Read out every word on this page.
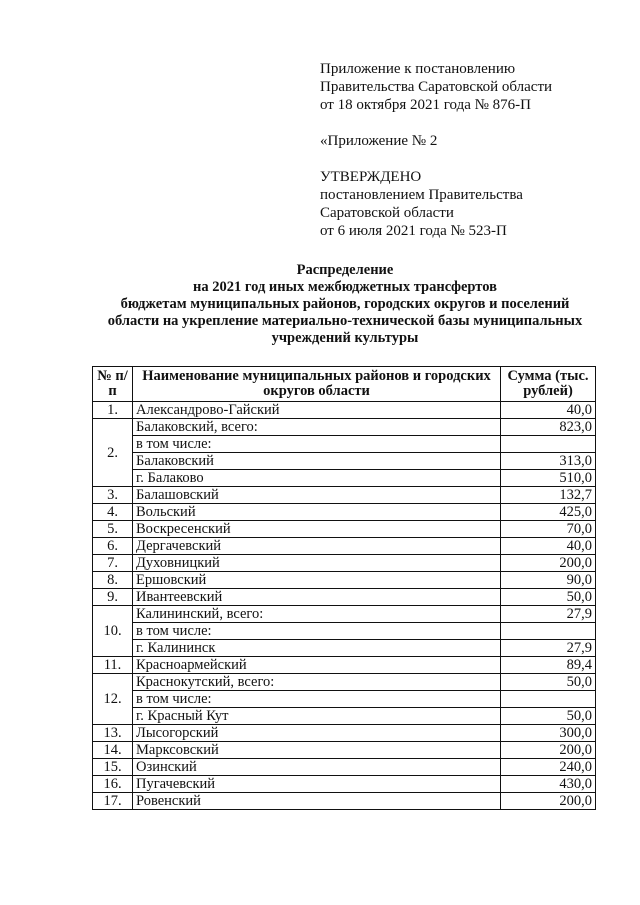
Приложение к постановлению
Правительства Саратовской области
от 18 октября 2021 года № 876-П
«Приложение № 2
УТВЕРЖДЕНО
постановлением Правительства
Саратовской области
от 6 июля 2021 года № 523-П
Распределение
на 2021 год иных межбюджетных трансфертов
бюджетам муниципальных районов, городских округов и поселений
области на укрепление материально-технической базы муниципальных
учреждений культуры
№ п/п	Наименование муниципальных районов и городских округов области	Сумма (тыс. рублей)
1.	Александрово-Гайский	40,0
2.	Балаковский, всего:	823,0
	в том числе:	
	Балаковский	313,0
	г. Балаково	510,0
3.	Балашовский	132,7
4.	Вольский	425,0
5.	Воскресенский	70,0
6.	Дергачевский	40,0
7.	Духовницкий	200,0
8.	Ершовский	90,0
9.	Ивантеевский	50,0
10.	Калининский, всего:	27,9
	в том числе:	
	г. Калининск	27,9
11.	Красноармейский	89,4
12.	Краснокутский, всего:	50,0
	в том числе:	
	г. Красный Кут	50,0
13.	Лысогорский	300,0
14.	Марксовский	200,0
15.	Озинский	240,0
16.	Пугачевский	430,0
17.	Ровенский	200,0
